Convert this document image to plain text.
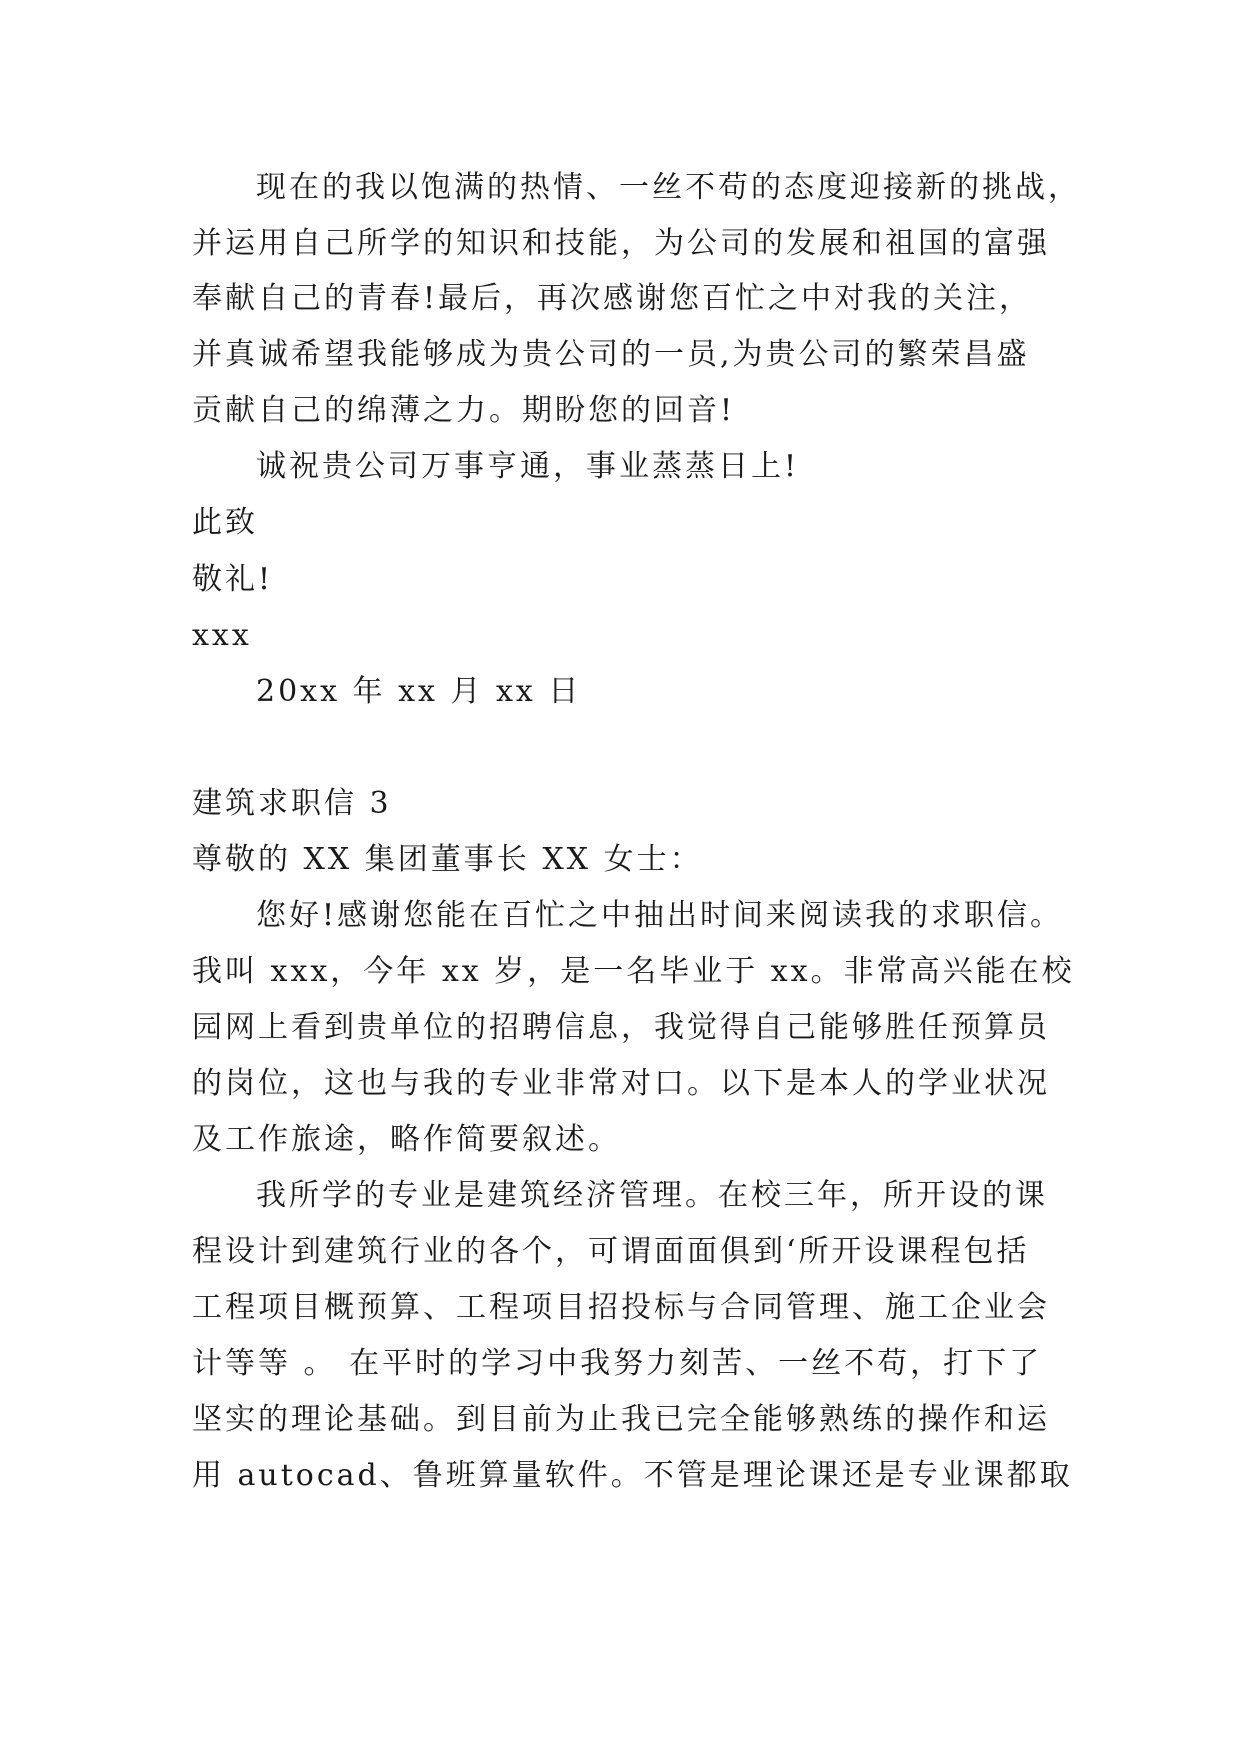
现在的我以饱满的热情、一丝不苟的态度迎接新的挑战，

并运用自己所学的知识和技能，为公司的发展和祖国的富强

奉献自己的青春!最后，再次感谢您百忙之中对我的关注，

并真诚希望我能够成为贵公司的一员,为贵公司的繁荣昌盛

贡献自己的绵薄之力。期盼您的回音!

诚祝贵公司万事亨通，事业蒸蒸日上!

此致

敬礼!

xxx

20xx 年 xx 月 xx 日

建筑求职信 3

尊敬的 XX 集团董事长 XX 女士：

您好!感谢您能在百忙之中抽出时间来阅读我的求职信。

我叫 xxx，今年 xx 岁，是一名毕业于 xx。非常高兴能在校

园网上看到贵单位的招聘信息，我觉得自己能够胜任预算员

的岗位，这也与我的专业非常对口。以下是本人的学业状况

及工作旅途，略作简要叙述。

我所学的专业是建筑经济管理。在校三年，所开设的课

程设计到建筑行业的各个，可谓面面俱到‘所开设课程包括

工程项目概预算、工程项目招投标与合同管理、施工企业会

计等等 。 在平时的学习中我努力刻苦、一丝不苟，打下了

坚实的理论基础。到目前为止我已完全能够熟练的操作和运

用 autocad、鲁班算量软件。不管是理论课还是专业课都取
